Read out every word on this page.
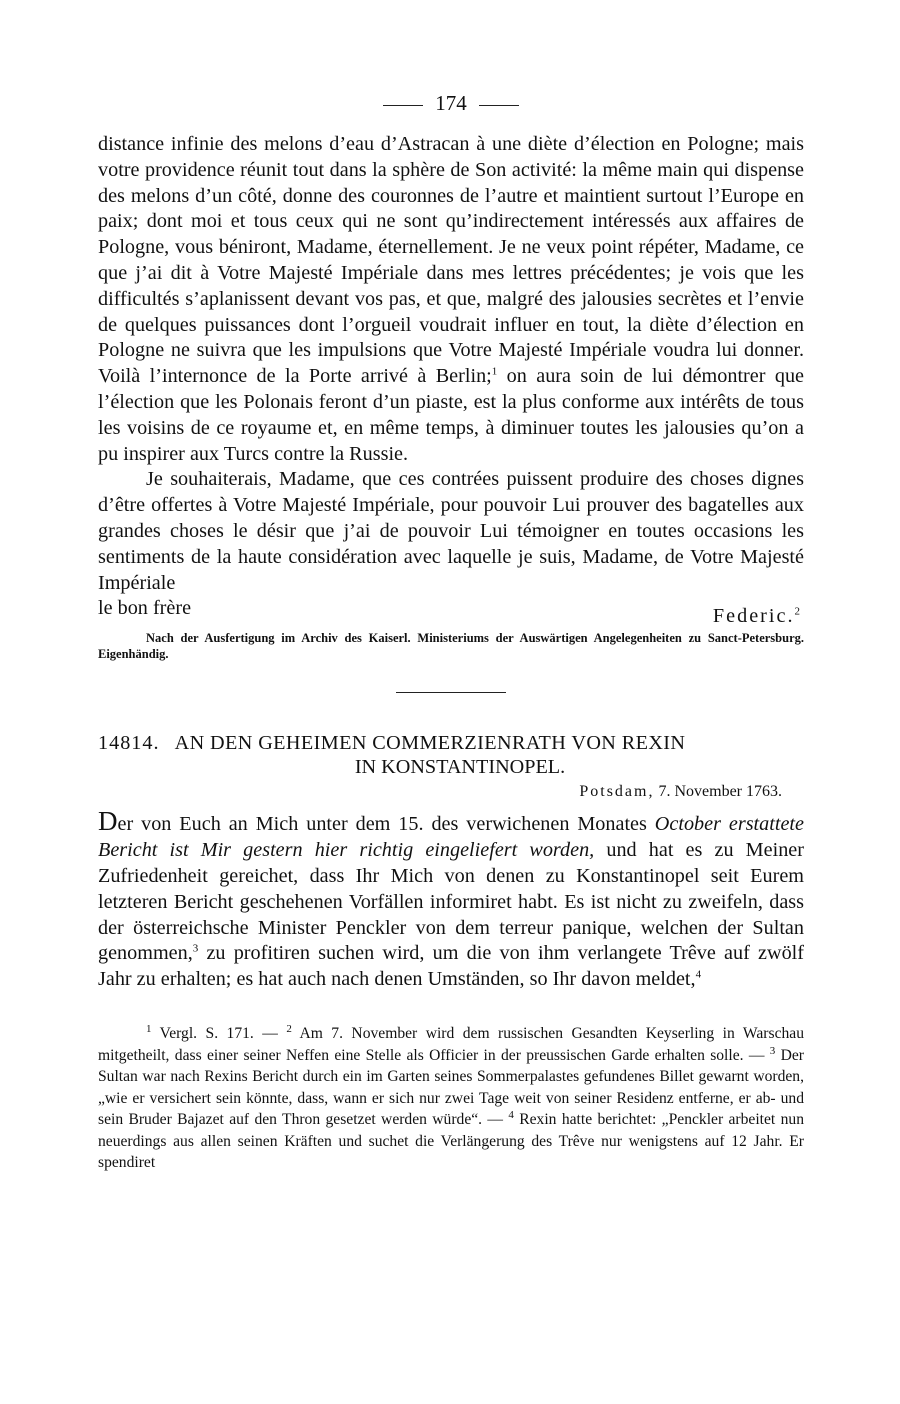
174

distance infinie des melons d’eau d’Astracan à une diète d’élection en Pologne; mais votre providence réunit tout dans la sphère de Son activité: la même main qui dispense des melons d’un côté, donne des couronnes de l’autre et maintient surtout l’Europe en paix; dont moi et tous ceux qui ne sont qu’indirectement intéressés aux affaires de Pologne, vous béniront, Madame, éternellement. Je ne veux point répéter, Madame, ce que j’ai dit à Votre Majesté Impériale dans mes lettres précédentes; je vois que les difficultés s’aplanissent devant vos pas, et que, malgré des jalousies secrètes et l’envie de quelques puissances dont l’orgueil voudrait influer en tout, la diète d’élection en Pologne ne suivra que les impulsions que Votre Majesté Impériale voudra lui donner. Voilà l’internonce de la Porte arrivé à Berlin;$^1$ on aura soin de lui démontrer que l’élection que les Polonais feront d’un piaste, est la plus conforme aux intérêts de tous les voisins de ce royaume et, en même temps, à diminuer toutes les jalousies qu’on a pu inspirer aux Turcs contre la Russie.

Je souhaiterais, Madame, que ces contrées puissent produire des choses dignes d’être offertes à Votre Majesté Impériale, pour pouvoir Lui prouver des bagatelles aux grandes choses le désir que j’ai de pouvoir Lui témoigner en toutes occasions les sentiments de la haute considération avec laquelle je suis, Madame, de Votre Majesté Impériale

le bon frère	Federic.$^2$
Nach der Ausfertigung im Archiv des Kaiserl. Ministeriums der Auswärtigen Angelegenheiten zu Sanct-Petersburg. Eigenhändig.
14814. AN DEN GEHEIMEN COMMERZIENRATH VON REXIN
IN KONSTANTINOPEL.
Potsdam, 7. November 1763.
Der von Euch an Mich unter dem 15. des verwichenen Monates October erstattete Bericht ist Mir gestern hier richtig eingeliefert worden, und hat es zu Meiner Zufriedenheit gereichet, dass Ihr Mich von denen zu Konstantinopel seit Eurem letzteren Bericht geschehenen Vorfällen informiret habt. Es ist nicht zu zweifeln, dass der österreichsche Minister Penckler von dem terreur panique, welchen der Sultan genommen,$^3$ zu profitiren suchen wird, um die von ihm verlangete Trêve auf zwölf Jahr zu erhalten; es hat auch nach denen Umständen, so Ihr davon meldet,$^4$

$^1$ Vergl. S. 171. — $^2$ Am 7. November wird dem russischen Gesandten Keyserling in Warschau mitgetheilt, dass einer seiner Neffen eine Stelle als Officier in der preussischen Garde erhalten solle. — $^3$ Der Sultan war nach Rexins Bericht durch ein im Garten seines Sommerpalastes gefundenes Billet gewarnt worden, „wie er versichert sein könnte, dass, wann er sich nur zwei Tage weit von seiner Residenz entferne, er ab- und sein Bruder Bajazet auf den Thron gesetzet werden würde“. — $^4$ Rexin hatte berichtet: „Penckler arbeitet nun neuerdings aus allen seinen Kräften und suchet die Verlängerung des Trêve nur wenigstens auf 12 Jahr. Er spendiret
